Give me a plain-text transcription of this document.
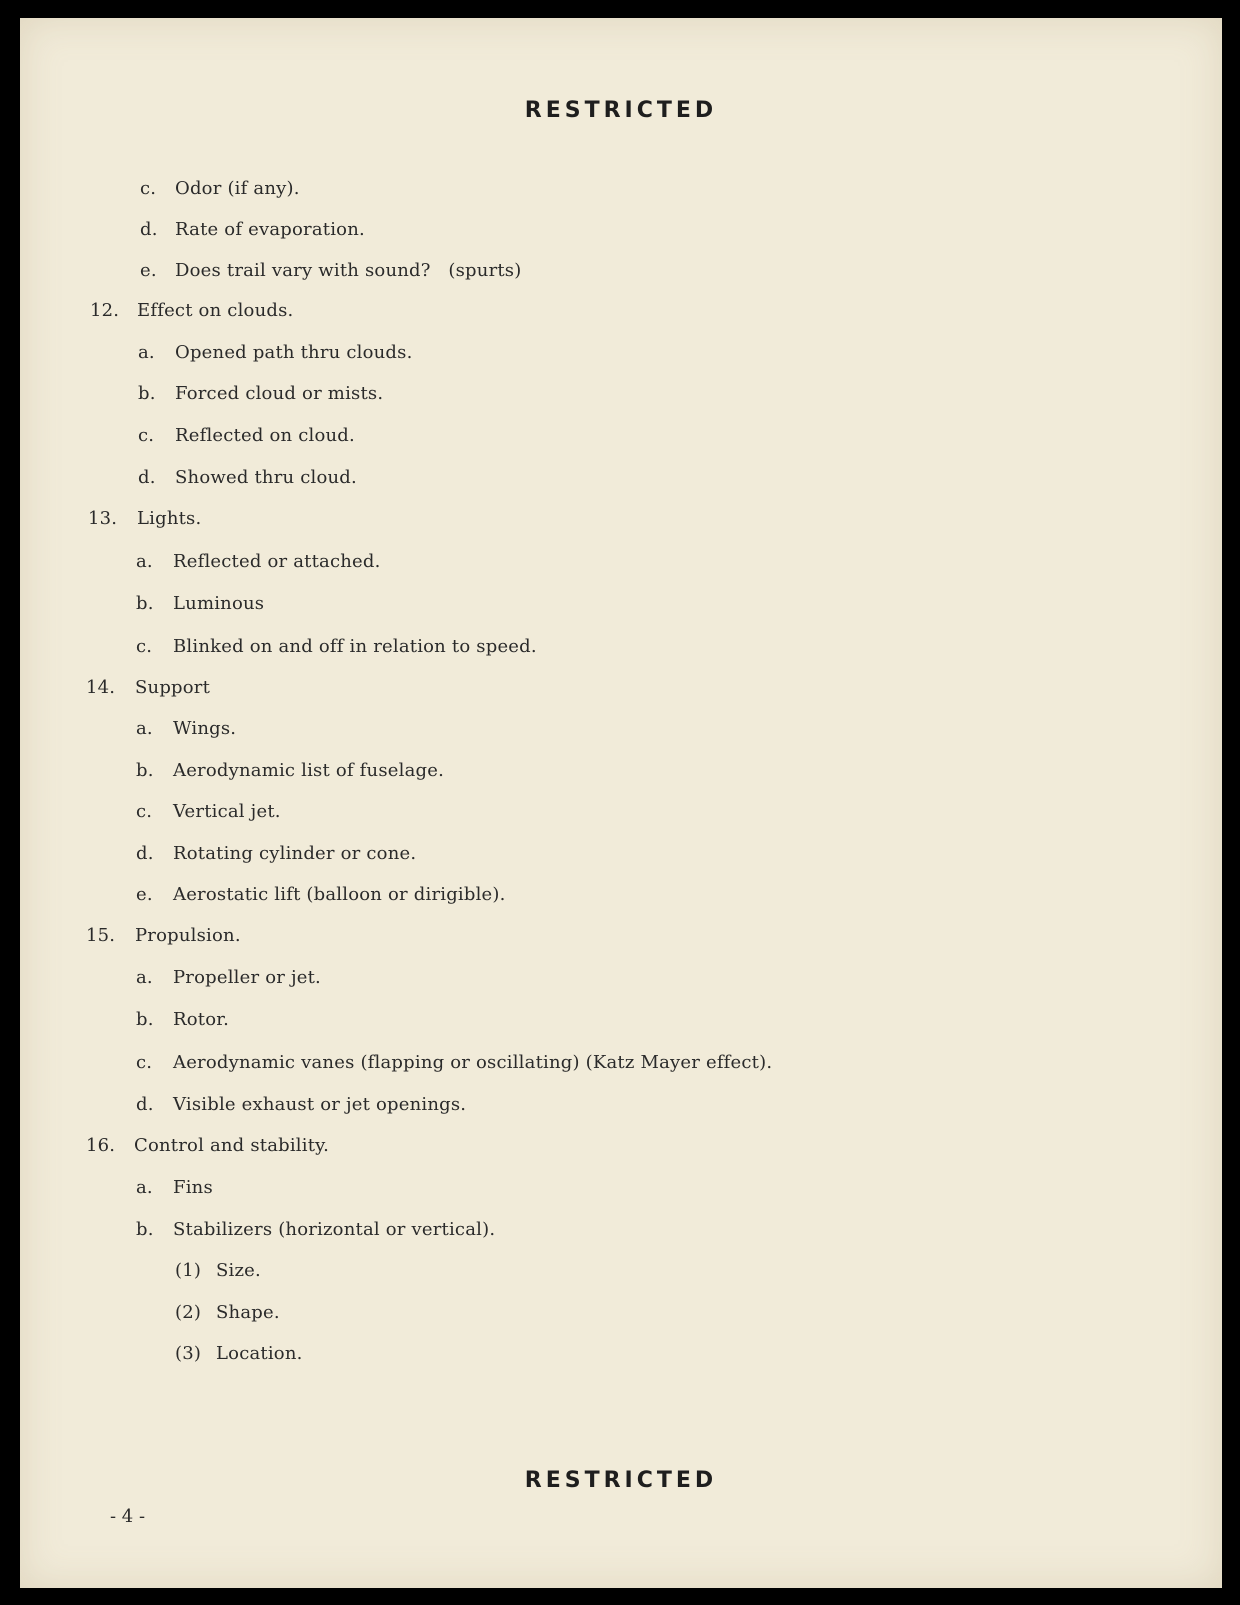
RESTRICTED
c. Odor (if any).
d. Rate of evaporation.
e. Does trail vary with sound?   (spurts)
12. Effect on clouds.
a. Opened path thru clouds.
b. Forced cloud or mists.
c. Reflected on cloud.
d. Showed thru cloud.
13. Lights.
a. Reflected or attached.
b. Luminous
c. Blinked on and off in relation to speed.
14. Support
a. Wings.
b. Aerodynamic list of fuselage.
c. Vertical jet.
d. Rotating cylinder or cone.
e. Aerostatic lift (balloon or dirigible).
15. Propulsion.
a. Propeller or jet.
b. Rotor.
c. Aerodynamic vanes (flapping or oscillating) (Katz Mayer effect).
d. Visible exhaust or jet openings.
16. Control and stability.
a. Fins
b. Stabilizers (horizontal or vertical).
(1) Size.
(2) Shape.
(3) Location.
- 4 -
RESTRICTED
